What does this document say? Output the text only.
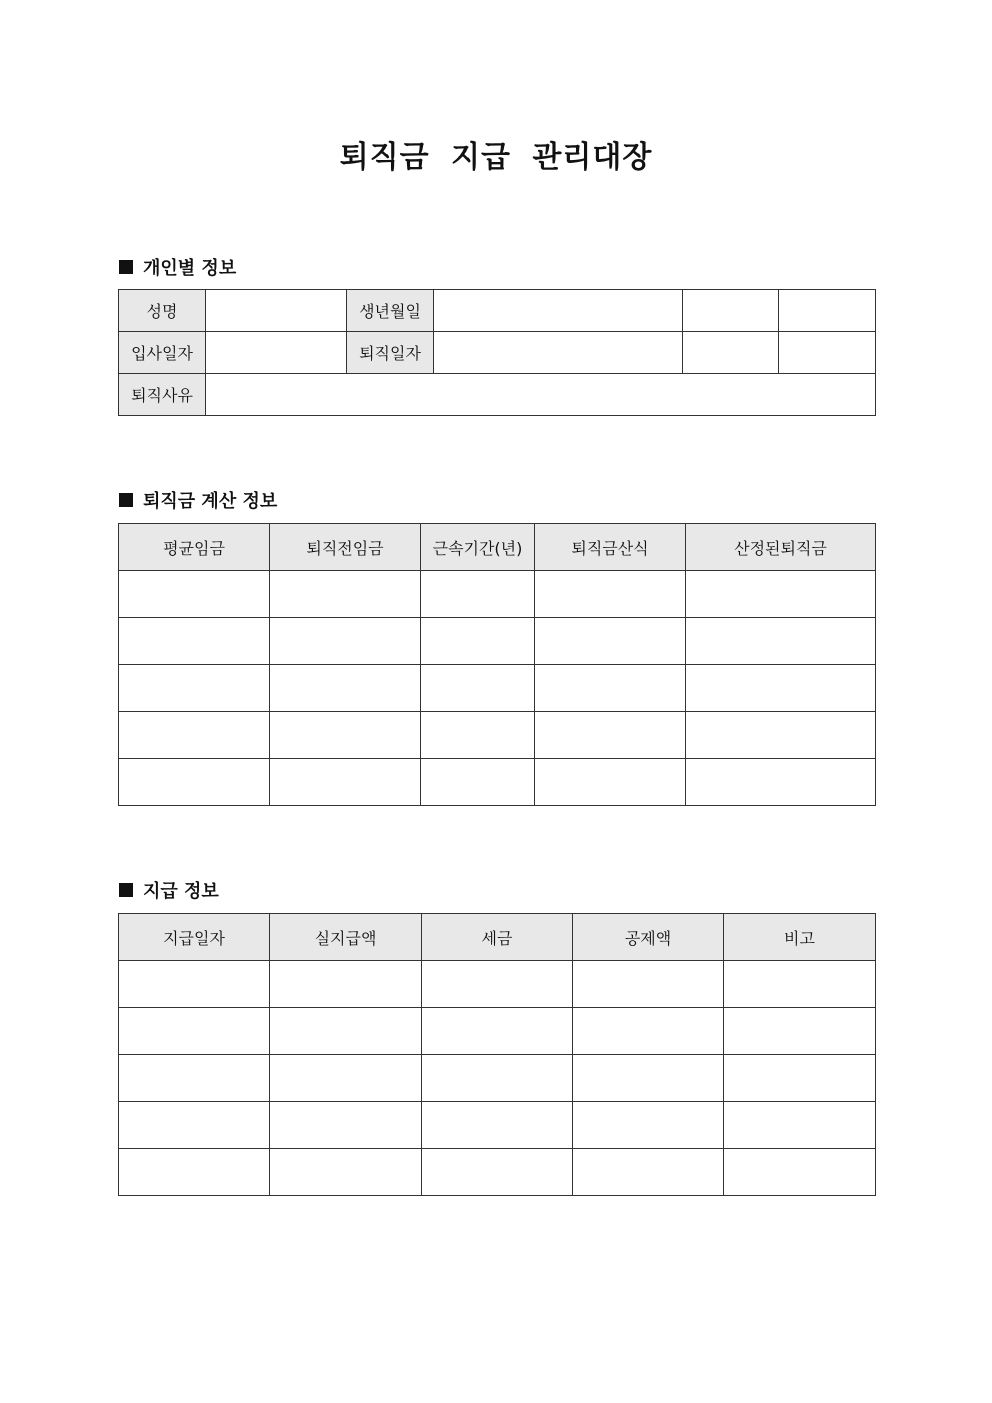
퇴직금 지급 관리대장
개인별 정보
성명		생년월일			
입사일자		퇴직일자			
퇴직사유					
퇴직금 계산 정보
평균임금	퇴직전임금	근속기간(년)	퇴직금산식	산정된퇴직금

지급 정보
지급일자	실지급액	세금	공제액	비고
